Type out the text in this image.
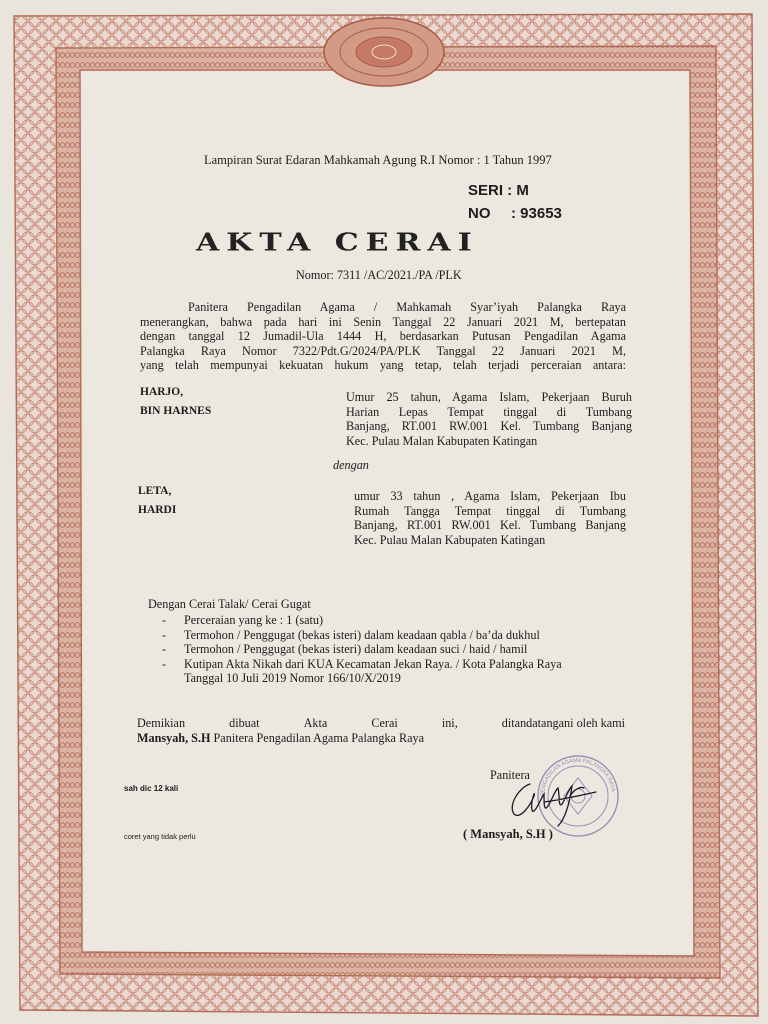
Lampiran Surat Edaran Mahkamah Agung R.I Nomor : 1 Tahun 1997
SERI : M
NO : 93653
AKTA CERAI
Nomor: 7311 /AC/2021./PA /PLK
Panitera Pengadilan Agama / Mahkamah Syar’iyah Palangka Raya
menerangkan, bahwa pada hari ini Senin Tanggal 22 Januari 2021 M, bertepatan
dengan tanggal 12 Jumadil-Ula 1444 H, berdasarkan Putusan Pengadilan Agama
Palangka Raya Nomor 7322/Pdt.G/2024/PA/PLK Tanggal 22 Januari 2021 M,
yang telah mempunyai kekuatan hukum yang tetap, telah terjadi perceraian antara:
HARJO,
BIN HARNES
Umur 25 tahun, Agama Islam, Pekerjaan Buruh
Harian Lepas Tempat tinggal di Tumbang
Banjang, RT.001 RW.001 Kel. Tumbang Banjang
Kec. Pulau Malan Kabupaten Katingan
dengan
LETA,
HARDI
umur 33 tahun , Agama Islam, Pekerjaan Ibu
Rumah Tangga Tempat tinggal di Tumbang
Banjang, RT.001 RW.001 Kel. Tumbang Banjang
Kec. Pulau Malan Kabupaten Katingan
Dengan Cerai Talak/ Cerai Gugat
- Perceraian yang ke : 1 (satu)
- Termohon / Penggugat (bekas isteri) dalam keadaan qabla / ba’da dukhul
- Termohon / Penggugat (bekas isteri) dalam keadaan suci / haid / hamil
- Kutipan Akta Nikah dari KUA Kecamatan Jekan Raya. / Kota Palangka Raya
Tanggal 10 Juli 2019 Nomor 166/10/X/2019
Demikian	dibuat	Akta	Cerai	ini,	ditandatangani oleh kami
Mansyah, S.H Panitera Pengadilan Agama Palangka Raya
sah dic 12 kali
coret yang tidak perlu
Panitera
PENGADILAN AGAMA PALANGKA RAYA
( Mansyah, S.H )
